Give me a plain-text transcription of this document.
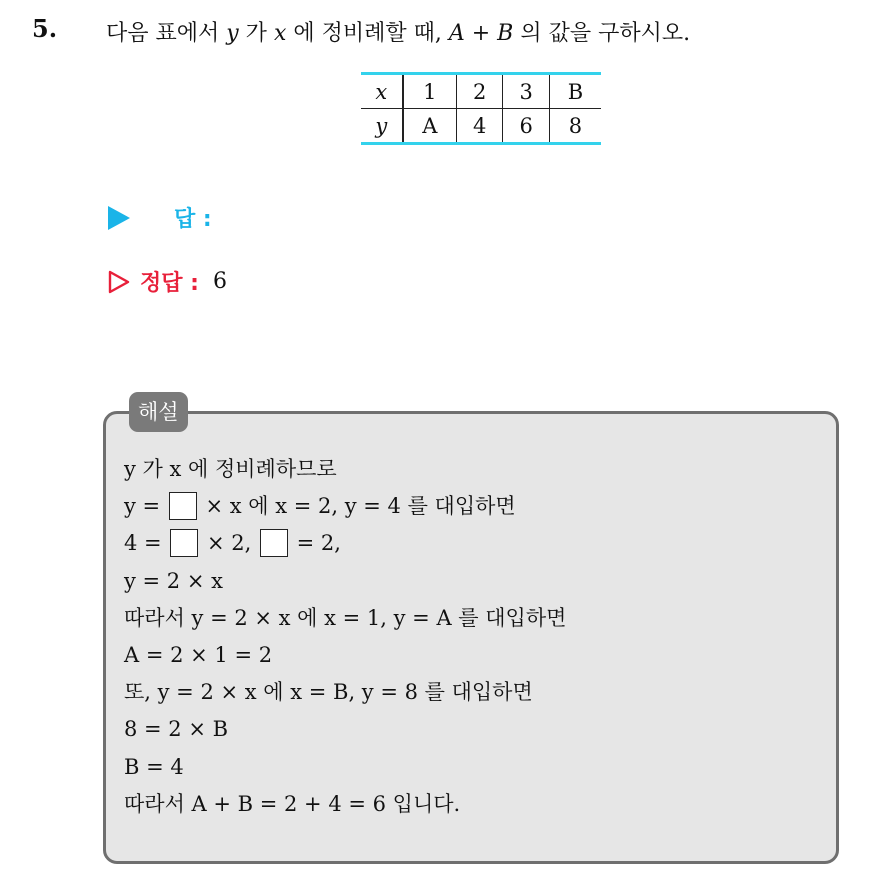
5. 다음 표에서 y 가 x 에 정비례할 때, A + B 의 값을 구하시오.
x	1	2	3	B
y	A	4	6	8
답 :
정답 : 6
해설
y 가 x 에 정비례하므로
y =  × x 에 x = 2, y = 4 를 대입하면
4 =  × 2,  = 2,
y = 2 × x
따라서 y = 2 × x 에 x = 1, y = A 를 대입하면
A = 2 × 1 = 2
또, y = 2 × x 에 x = B, y = 8 를 대입하면
8 = 2 × B
B = 4
따라서 A + B = 2 + 4 = 6 입니다.
